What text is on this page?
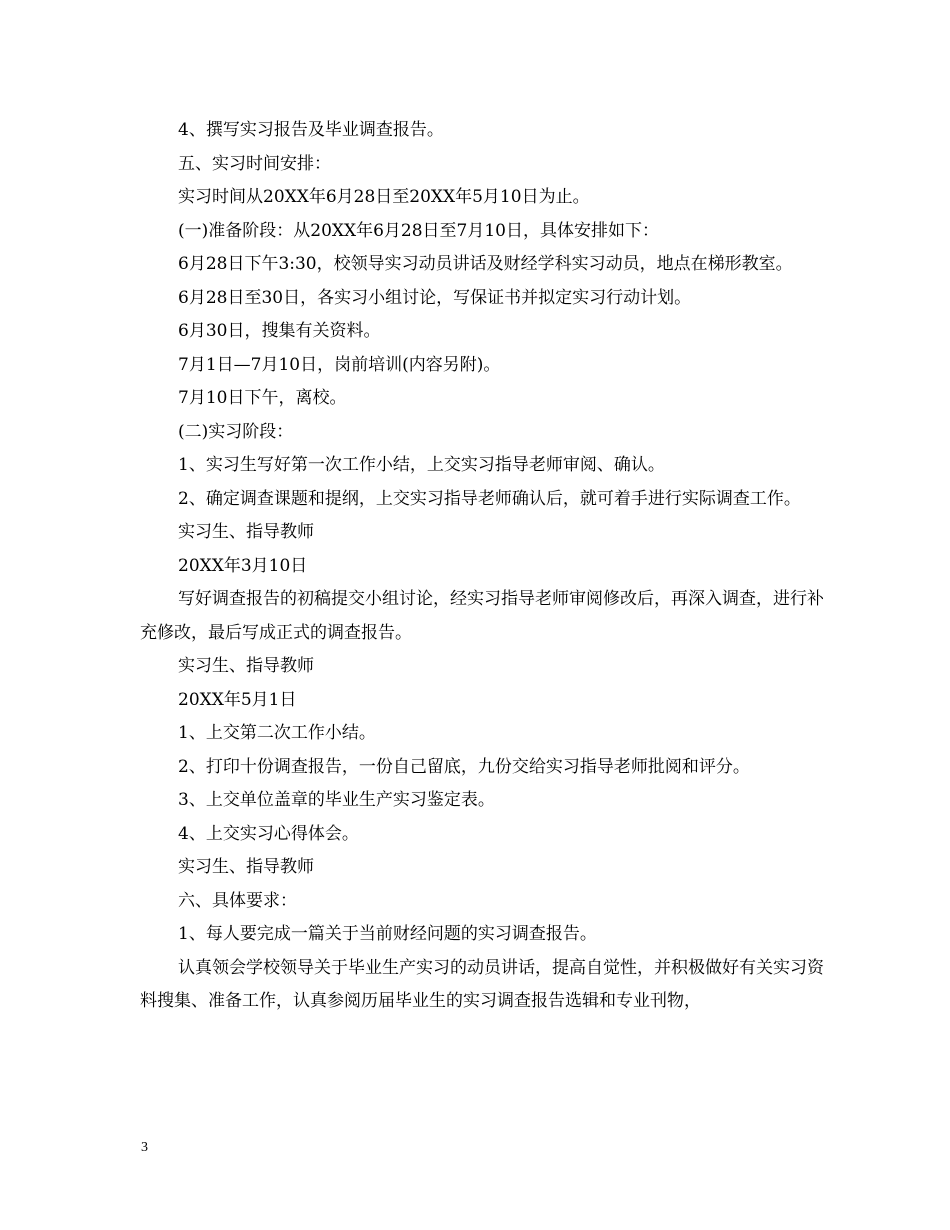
4、撰写实习报告及毕业调查报告。

五、实习时间安排：

实习时间从20XX年6月28日至20XX年5月10日为止。

(一)准备阶段：从20XX年6月28日至7月10日，具体安排如下：

6月28日下午3:30，校领导实习动员讲话及财经学科实习动员，地点在梯形教室。

6月28日至30日，各实习小组讨论，写保证书并拟定实习行动计划。

6月30日，搜集有关资料。

7月1日—7月10日，岗前培训(内容另附)。

7月10日下午，离校。

(二)实习阶段：

1、实习生写好第一次工作小结，上交实习指导老师审阅、确认。

2、确定调查课题和提纲，上交实习指导老师确认后，就可着手进行实际调查工作。

实习生、指导教师

20XX年3月10日

写好调查报告的初稿提交小组讨论，经实习指导老师审阅修改后，再深入调查，进行补充修改，最后写成正式的调查报告。

实习生、指导教师

20XX年5月1日

1、上交第二次工作小结。

2、打印十份调查报告，一份自己留底，九份交给实习指导老师批阅和评分。

3、上交单位盖章的毕业生产实习鉴定表。

4、上交实习心得体会。

实习生、指导教师

六、具体要求：

1、每人要完成一篇关于当前财经问题的实习调查报告。

认真领会学校领导关于毕业生产实习的动员讲话，提高自觉性，并积极做好有关实习资料搜集、准备工作，认真参阅历届毕业生的实习调查报告选辑和专业刊物，

3
